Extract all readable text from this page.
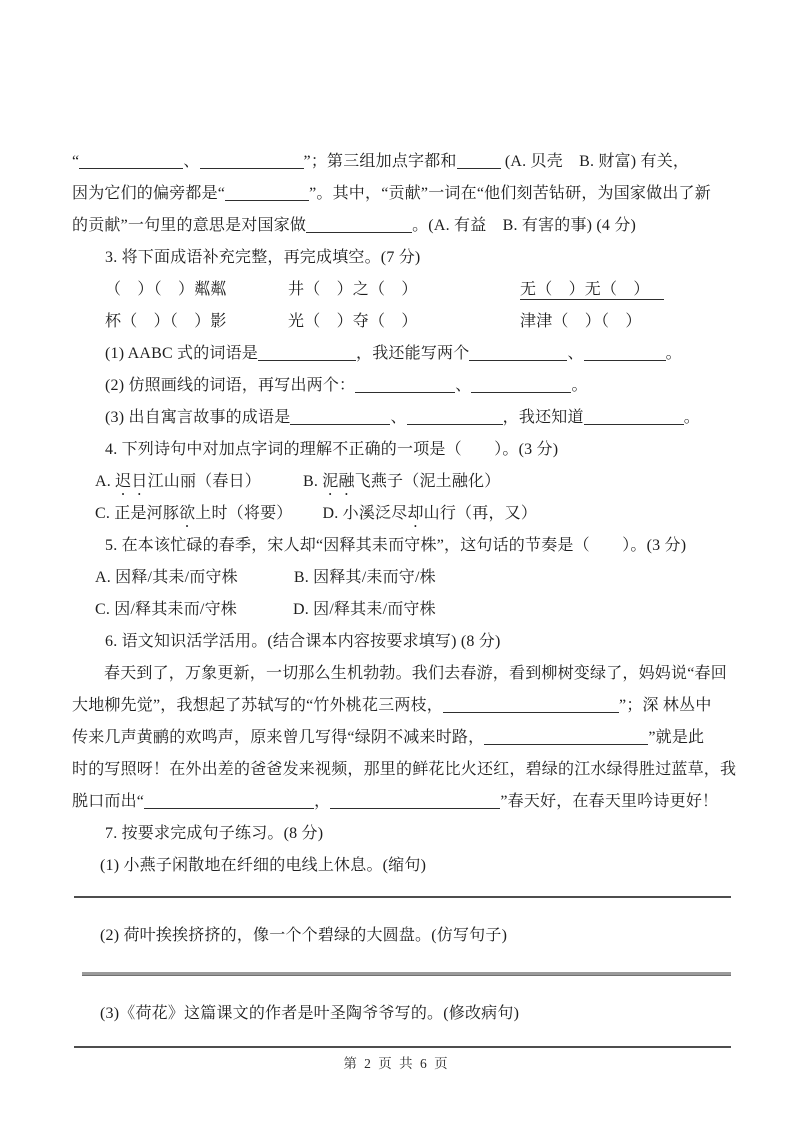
“	、	”；第三组加点字都和	(A. 贝壳　B. 财富) 有关，
因为它们的偏旁都是“	”。其中，“贡献”一词在“他们刻苦钻研，为国家做出了新
的贡献”一句里的意思是对国家做	。(A. 有益　B. 有害的事) (4 分)
3. 将下面成语补充完整，再完成填空。(7 分)
（　）（　）粼粼	井（　）之（　）	无（　）无（　）
杯（　）（　）影	光（　）夺（　）	津津（　）（　）
(1) AABC 式的词语是	，我还能写两个	、	。
(2) 仿照画线的词语，再写出两个：	、	。
(3) 出自寓言故事的成语是	、	，我还知道	。
4. 下列诗句中对加点字词的理解不正确的一项是（　　）。(3 分)
A. 迟日江山丽（春日）	B. 泥融飞燕子（泥土融化）
C. 正是河豚欲上时（将要） D. 小溪泛尽却山行（再，又）
5. 在本该忙碌的春季，宋人却“因释其耒而守株”，这句话的节奏是（　　）。(3 分)
A. 因释/其耒/而守株	B. 因释其/耒而守/株
C. 因/释其耒而/守株	D. 因/释其耒/而守株
6. 语文知识活学活用。(结合课本内容按要求填写) (8 分)
春天到了，万象更新，一切那么生机勃勃。我们去春游，看到柳树变绿了，妈妈说“春回
大地柳先觉”，我想起了苏轼写的“竹外桃花三两枝，	”；深 林丛中
传来几声黄鹂的欢鸣声，原来曾几写得“绿阴不减来时路，	”就是此
时的写照呀！在外出差的爸爸发来视频，那里的鲜花比火还红，碧绿的江水绿得胜过蓝草，我
脱口而出“	，	”春天好，在春天里吟诗更好！
7. 按要求完成句子练习。(8 分)
(1) 小燕子闲散地在纤细的电线上休息。(缩句)
(2) 荷叶挨挨挤挤的，像一个个碧绿的大圆盘。(仿写句子)
(3)《荷花》这篇课文的作者是叶圣陶爷爷写的。(修改病句)
第 2 页 共 6 页
